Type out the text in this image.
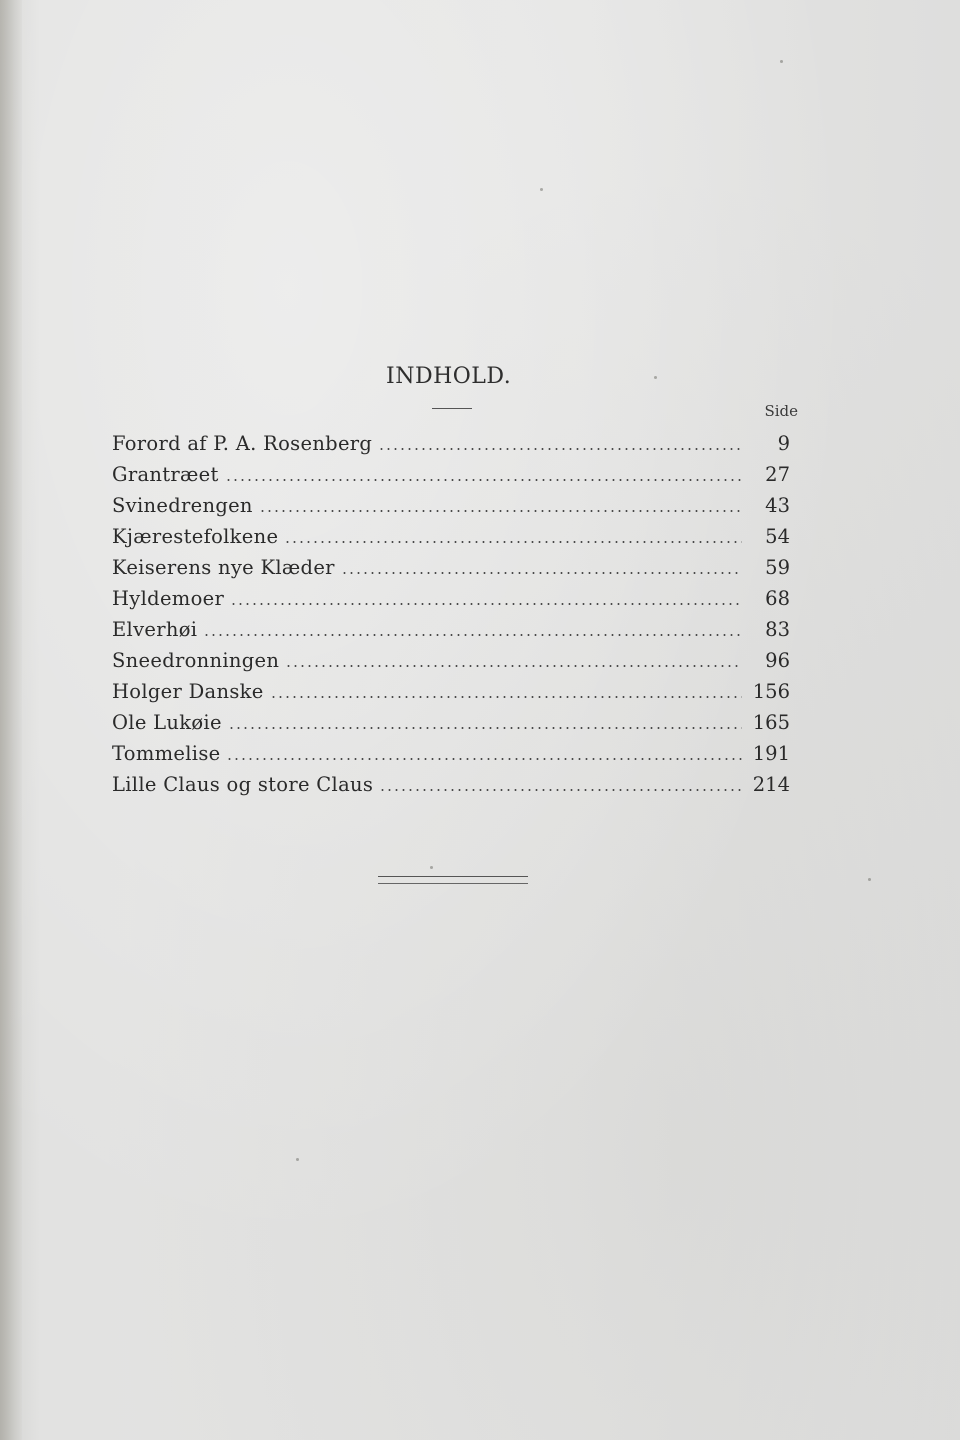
INDHOLD.
Side
Forord af P. A. Rosenberg	9
Grantræet	27
Svinedrengen	43
Kjærestefolkene	54
Keiserens nye Klæder	59
Hyldemoer	68
Elverhøi	83
Sneedronningen	96
Holger Danske	156
Ole Lukøie	165
Tommelise	191
Lille Claus og store Claus	214
